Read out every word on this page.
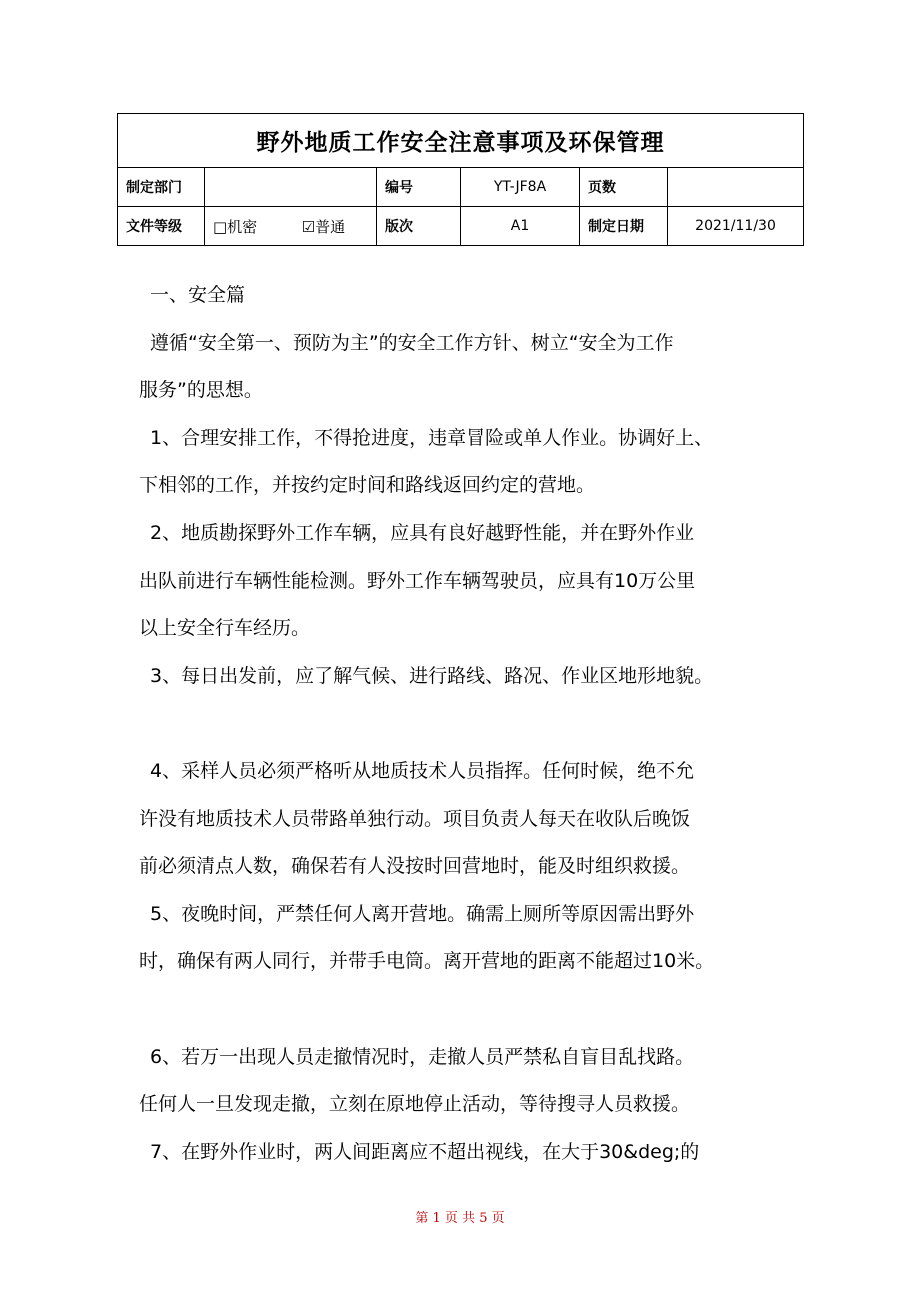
野外地质工作安全注意事项及环保管理					
制定部门		编号	YT-JF8A	页数	
文件等级	□机密 ☑普通	版次	A1	制定日期	2021/11/30

一、安全篇

遵循“安全第一、预防为主”的安全工作方针、树立“安全为工作

服务”的思想。

1、合理安排工作，不得抢进度，违章冒险或单人作业。协调好上、

下相邻的工作，并按约定时间和路线返回约定的营地。

2、地质勘探野外工作车辆，应具有良好越野性能，并在野外作业

出队前进行车辆性能检测。野外工作车辆驾驶员，应具有10万公里

以上安全行车经历。

3、每日出发前，应了解气候、进行路线、路况、作业区地形地貌。

4、采样人员必须严格听从地质技术人员指挥。任何时候，绝不允

许没有地质技术人员带路单独行动。项目负责人每天在收队后晚饭

前必须清点人数，确保若有人没按时回营地时，能及时组织救援。

5、夜晚时间，严禁任何人离开营地。确需上厕所等原因需出野外

时，确保有两人同行，并带手电筒。离开营地的距离不能超过10米。

6、若万一出现人员走撤情况时，走撤人员严禁私自盲目乱找路。

任何人一旦发现走撤，立刻在原地停止活动，等待搜寻人员救援。

7、在野外作业时，两人间距离应不超出视线，在大于30&deg;的

第 1 页 共 5 页
